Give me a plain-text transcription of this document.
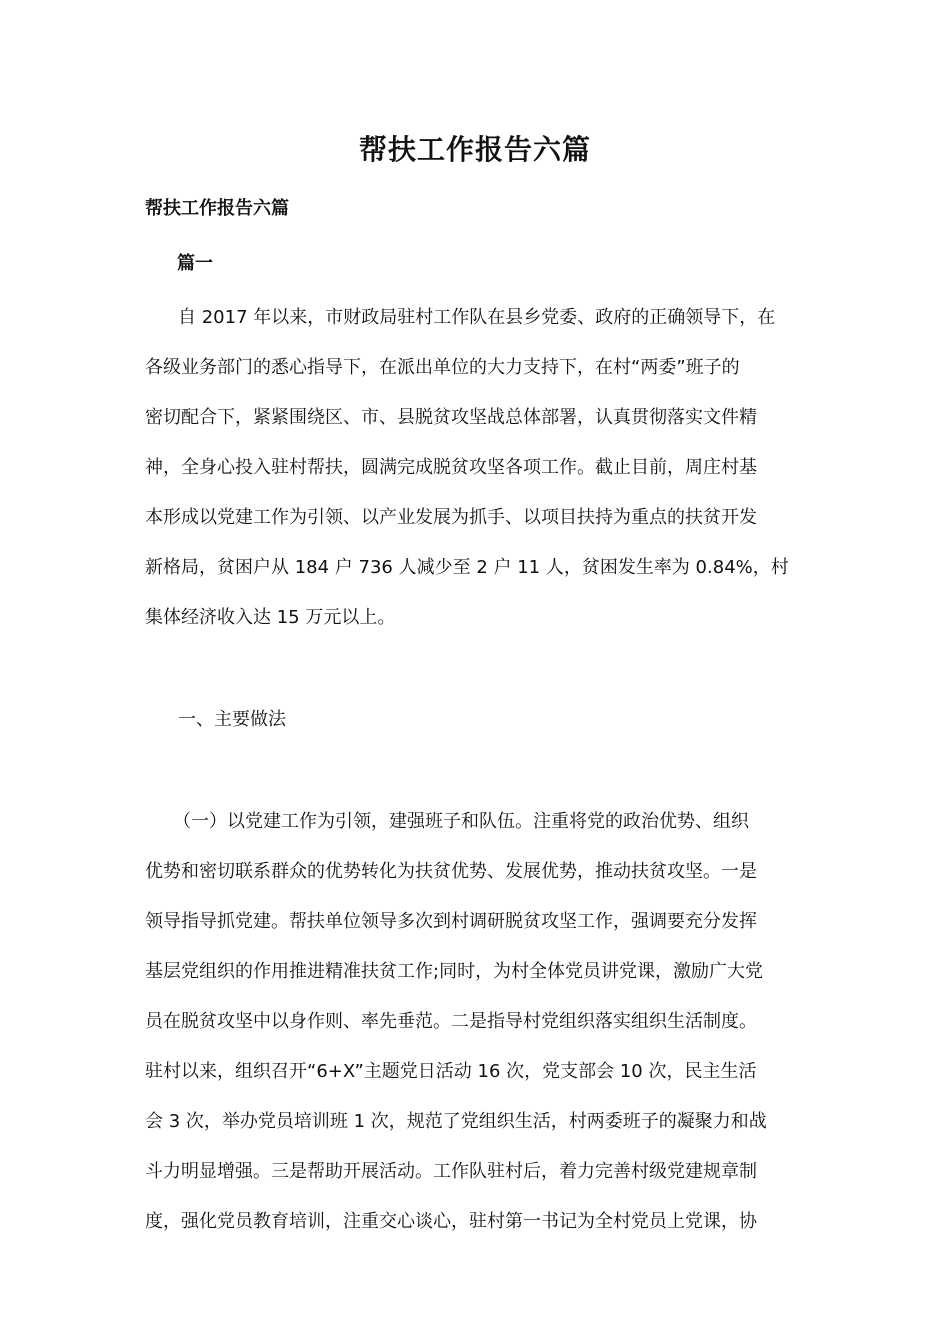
帮扶工作报告六篇
帮扶工作报告六篇
篇一
自 2017 年以来，市财政局驻村工作队在县乡党委、政府的正确领导下，在
各级业务部门的悉心指导下，在派出单位的大力支持下，在村“两委”班子的
密切配合下，紧紧围绕区、市、县脱贫攻坚战总体部署，认真贯彻落实文件精
神，全身心投入驻村帮扶，圆满完成脱贫攻坚各项工作。截止目前，周庄村基
本形成以党建工作为引领、以产业发展为抓手、以项目扶持为重点的扶贫开发
新格局，贫困户从 184 户 736 人减少至 2 户 11 人，贫困发生率为 0.84%，村
集体经济收入达 15 万元以上。
一、主要做法
（一）以党建工作为引领，建强班子和队伍。注重将党的政治优势、组织
优势和密切联系群众的优势转化为扶贫优势、发展优势，推动扶贫攻坚。一是
领导指导抓党建。帮扶单位领导多次到村调研脱贫攻坚工作，强调要充分发挥
基层党组织的作用推进精准扶贫工作;同时，为村全体党员讲党课，激励广大党
员在脱贫攻坚中以身作则、率先垂范。二是指导村党组织落实组织生活制度。
驻村以来，组织召开“6+X”主题党日活动 16 次，党支部会 10 次，民主生活
会 3 次，举办党员培训班 1 次，规范了党组织生活，村两委班子的凝聚力和战
斗力明显增强。三是帮助开展活动。工作队驻村后，着力完善村级党建规章制
度，强化党员教育培训，注重交心谈心，驻村第一书记为全村党员上党课，协
